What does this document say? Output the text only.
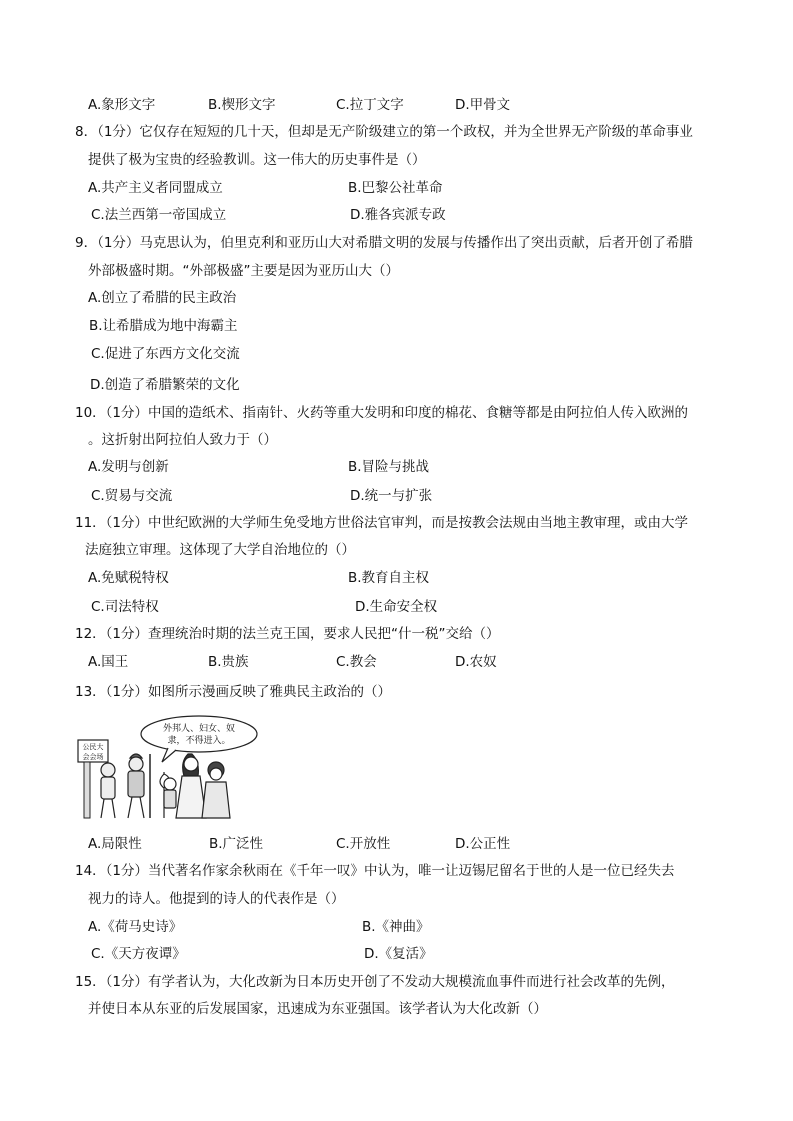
A.象形文字	B.楔形文字	C.拉丁文字	D.甲骨文
8．（1分）它仅存在短短的几十天，但却是无产阶级建立的第一个政权，并为全世界无产阶级的革命事业
提供了极为宝贵的经验教训。这一伟大的历史事件是（）
A.共产主义者同盟成立	B.巴黎公社革命
C.法兰西第一帝国成立	D.雅各宾派专政
9．（1分）马克思认为，伯里克利和亚历山大对希腊文明的发展与传播作出了突出贡献，后者开创了希腊
外部极盛时期。“外部极盛”主要是因为亚历山大（）
A.创立了希腊的民主政治
B.让希腊成为地中海霸主
C.促进了东西方文化交流
D.创造了希腊繁荣的文化
10．（1分）中国的造纸术、指南针、火药等重大发明和印度的棉花、食糖等都是由阿拉伯人传入欧洲的
。这折射出阿拉伯人致力于（）
A.发明与创新	B.冒险与挑战
C.贸易与交流	D.统一与扩张
11．（1分）中世纪欧洲的大学师生免受地方世俗法官审判，而是按教会法规由当地主教审理，或由大学
法庭独立审理。这体现了大学自治地位的（）
A.免赋税特权	B.教育自主权
C.司法特权	D.生命安全权
12．（1分）查理统治时期的法兰克王国，要求人民把“什一税”交给（）
A.国王	B.贵族	C.教会	D.农奴
13．（1分）如图所示漫画反映了雅典民主政治的（）
外邦人、妇女、奴
隶，不得进入。
公民大
会会场
A.局限性	B.广泛性	C.开放性	D.公正性
14．（1分）当代著名作家余秋雨在《千年一叹》中认为，唯一让迈锡尼留名于世的人是一位已经失去
视力的诗人。他提到的诗人的代表作是（）
A.《荷马史诗》	B.《神曲》
C.《天方夜谭》	D.《复活》
15．（1分）有学者认为，大化改新为日本历史开创了不发动大规模流血事件而进行社会改革的先例，
并使日本从东亚的后发展国家，迅速成为东亚强国。该学者认为大化改新（）
